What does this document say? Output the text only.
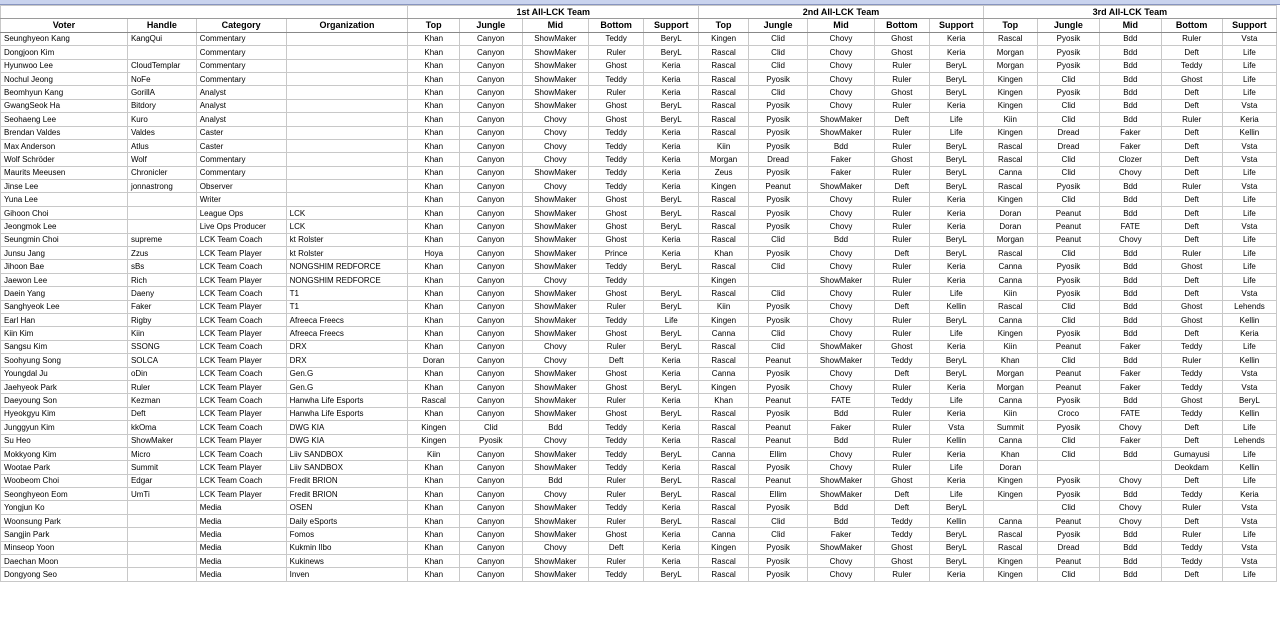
				1st All-LCK Team					2nd All-LCK Team					3rd All-LCK Team				
Voter	Handle	Category	Organization	Top	Jungle	Mid	Bottom	Support	Top	Jungle	Mid	Bottom	Support	Top	Jungle	Mid	Bottom	Support
Seunghyeon Kang	KangQui	Commentary		Khan	Canyon	ShowMaker	Teddy	BeryL	Kingen	Clid	Chovy	Ghost	Keria	Rascal	Pyosik	Bdd	Ruler	Vsta
Dongjoon Kim		Commentary		Khan	Canyon	ShowMaker	Ruler	BeryL	Rascal	Clid	Chovy	Ghost	Keria	Morgan	Pyosik	Bdd	Deft	Life
Hyunwoo Lee	CloudTemplar	Commentary		Khan	Canyon	ShowMaker	Ghost	Keria	Rascal	Clid	Chovy	Ruler	BeryL	Morgan	Pyosik	Bdd	Teddy	Life
Nochul Jeong	NoFe	Commentary		Khan	Canyon	ShowMaker	Teddy	Keria	Rascal	Pyosik	Chovy	Ruler	BeryL	Kingen	Clid	Bdd	Ghost	Life
Beomhyun Kang	GorillA	Analyst		Khan	Canyon	ShowMaker	Ruler	Keria	Rascal	Clid	Chovy	Ghost	BeryL	Kingen	Pyosik	Bdd	Deft	Life
GwangSeok Ha	Bitdory	Analyst		Khan	Canyon	ShowMaker	Ghost	BeryL	Rascal	Pyosik	Chovy	Ruler	Keria	Kingen	Clid	Bdd	Deft	Vsta
Seohaeng Lee	Kuro	Analyst		Khan	Canyon	Chovy	Ghost	BeryL	Rascal	Pyosik	ShowMaker	Deft	Life	Kiin	Clid	Bdd	Ruler	Keria
Brendan Valdes	Valdes	Caster		Khan	Canyon	Chovy	Teddy	Keria	Rascal	Pyosik	ShowMaker	Ruler	Life	Kingen	Dread	Faker	Deft	Kellin
Max Anderson	Atlus	Caster		Khan	Canyon	Chovy	Teddy	Keria	Kiin	Pyosik	Bdd	Ruler	BeryL	Rascal	Dread	Faker	Deft	Vsta
Wolf Schröder	Wolf	Commentary		Khan	Canyon	Chovy	Teddy	Keria	Morgan	Dread	Faker	Ghost	BeryL	Rascal	Clid	Clozer	Deft	Vsta
Maurits Meeusen	Chronicler	Commentary		Khan	Canyon	ShowMaker	Teddy	Keria	Zeus	Pyosik	Faker	Ruler	BeryL	Canna	Clid	Chovy	Deft	Life
Jinse Lee	jonnastrong	Observer		Khan	Canyon	Chovy	Teddy	Keria	Kingen	Peanut	ShowMaker	Deft	BeryL	Rascal	Pyosik	Bdd	Ruler	Vsta
Yuna Lee		Writer		Khan	Canyon	ShowMaker	Ghost	BeryL	Rascal	Pyosik	Chovy	Ruler	Keria	Kingen	Clid	Bdd	Deft	Life
Gihoon Choi		League Ops	LCK	Khan	Canyon	ShowMaker	Ghost	BeryL	Rascal	Pyosik	Chovy	Ruler	Keria	Doran	Peanut	Bdd	Deft	Life
Jeongmok Lee		Live Ops Producer	LCK	Khan	Canyon	ShowMaker	Ghost	BeryL	Rascal	Pyosik	Chovy	Ruler	Keria	Doran	Peanut	FATE	Deft	Vsta
Seungmin Choi	supreme	LCK Team Coach	kt Rolster	Khan	Canyon	ShowMaker	Ghost	Keria	Rascal	Clid	Bdd	Ruler	BeryL	Morgan	Peanut	Chovy	Deft	Life
Junsu Jang	Zzus	LCK Team Player	kt Rolster	Hoya	Canyon	ShowMaker	Prince	Keria	Khan	Pyosik	Chovy	Deft	BeryL	Rascal	Clid	Bdd	Ruler	Life
Jihoon Bae	sBs	LCK Team Coach	NONGSHIM REDFORCE	Khan	Canyon	ShowMaker	Teddy	BeryL	Rascal	Clid	Chovy	Ruler	Keria	Canna	Pyosik	Bdd	Ghost	Life
Jaewon Lee	Rich	LCK Team Player	NONGSHIM REDFORCE	Khan	Canyon	Chovy	Teddy		Kingen		ShowMaker	Ruler	Keria	Canna	Pyosik	Bdd	Deft	Life
Daein Yang	Daeny	LCK Team Coach	T1	Khan	Canyon	ShowMaker	Ghost	BeryL	Rascal	Clid	Chovy	Ruler	Life	Kiin	Pyosik	Bdd	Deft	Vsta
Sanghyeok Lee	Faker	LCK Team Player	T1	Khan	Canyon	ShowMaker	Ruler	BeryL	Kiin	Pyosik	Chovy	Deft	Kellin	Rascal	Clid	Bdd	Ghost	Lehends
Earl Han	Rigby	LCK Team Coach	Afreeca Freecs	Khan	Canyon	ShowMaker	Teddy	Life	Kingen	Pyosik	Chovy	Ruler	BeryL	Canna	Clid	Bdd	Ghost	Kellin
Kiin Kim	Kiin	LCK Team Player	Afreeca Freecs	Khan	Canyon	ShowMaker	Ghost	BeryL	Canna	Clid	Chovy	Ruler	Life	Kingen	Pyosik	Bdd	Deft	Keria
Sangsu Kim	SSONG	LCK Team Coach	DRX	Khan	Canyon	Chovy	Ruler	BeryL	Rascal	Clid	ShowMaker	Ghost	Keria	Kiin	Peanut	Faker	Teddy	Life
Soohyung Song	SOLCA	LCK Team Player	DRX	Doran	Canyon	Chovy	Deft	Keria	Rascal	Peanut	ShowMaker	Teddy	BeryL	Khan	Clid	Bdd	Ruler	Kellin
Youngdal Ju	oDin	LCK Team Coach	Gen.G	Khan	Canyon	ShowMaker	Ghost	Keria	Canna	Pyosik	Chovy	Deft	BeryL	Morgan	Peanut	Faker	Teddy	Vsta
Jaehyeok Park	Ruler	LCK Team Player	Gen.G	Khan	Canyon	ShowMaker	Ghost	BeryL	Kingen	Pyosik	Chovy	Ruler	Keria	Morgan	Peanut	Faker	Teddy	Vsta
Daeyoung Son	Kezman	LCK Team Coach	Hanwha Life Esports	Rascal	Canyon	ShowMaker	Ruler	Keria	Khan	Peanut	FATE	Teddy	Life	Canna	Pyosik	Bdd	Ghost	BeryL
Hyeokgyu Kim	Deft	LCK Team Player	Hanwha Life Esports	Khan	Canyon	ShowMaker	Ghost	BeryL	Rascal	Pyosik	Bdd	Ruler	Keria	Kiin	Croco	FATE	Teddy	Kellin
Junggyun Kim	kkOma	LCK Team Coach	DWG KIA	Kingen	Clid	Bdd	Teddy	Keria	Rascal	Peanut	Faker	Ruler	Vsta	Summit	Pyosik	Chovy	Deft	Life
Su Heo	ShowMaker	LCK Team Player	DWG KIA	Kingen	Pyosik	Chovy	Teddy	Keria	Rascal	Peanut	Bdd	Ruler	Kellin	Canna	Clid	Faker	Deft	Lehends
Mokkyong Kim	Micro	LCK Team Coach	Liiv SANDBOX	Kiin	Canyon	ShowMaker	Teddy	BeryL	Canna	Ellim	Chovy	Ruler	Keria	Khan	Clid	Bdd	Gumayusi	Life
Wootae Park	Summit	LCK Team Player	Liiv SANDBOX	Khan	Canyon	ShowMaker	Teddy	Keria	Rascal	Pyosik	Chovy	Ruler	Life	Doran			Deokdam	Kellin
Woobeom Choi	Edgar	LCK Team Coach	Fredit BRION	Khan	Canyon	Bdd	Ruler	BeryL	Rascal	Peanut	ShowMaker	Ghost	Keria	Kingen	Pyosik	Chovy	Deft	Life
Seonghyeon Eom	UmTi	LCK Team Player	Fredit BRION	Khan	Canyon	Chovy	Ruler	BeryL	Rascal	Ellim	ShowMaker	Deft	Life	Kingen	Pyosik	Bdd	Teddy	Keria
Yongjun Ko		Media	OSEN	Khan	Canyon	ShowMaker	Teddy	Keria	Rascal	Pyosik	Bdd	Deft	BeryL		Clid	Chovy	Ruler	Vsta
Woonsung Park		Media	Daily eSports	Khan	Canyon	ShowMaker	Ruler	BeryL	Rascal	Clid	Bdd	Teddy	Kellin	Canna	Peanut	Chovy	Deft	Vsta
Sangjin Park		Media	Fomos	Khan	Canyon	ShowMaker	Ghost	Keria	Canna	Clid	Faker	Teddy	BeryL	Rascal	Pyosik	Bdd	Ruler	Life
Minseop Yoon		Media	Kukmin Ilbo	Khan	Canyon	Chovy	Deft	Keria	Kingen	Pyosik	ShowMaker	Ghost	BeryL	Rascal	Dread	Bdd	Teddy	Vsta
Daechan Moon		Media	Kukinews	Khan	Canyon	ShowMaker	Ruler	Keria	Rascal	Pyosik	Chovy	Ghost	BeryL	Kingen	Peanut	Bdd	Teddy	Vsta
Dongyong Seo		Media	Inven	Khan	Canyon	ShowMaker	Teddy	BeryL	Rascal	Pyosik	Chovy	Ruler	Keria	Kingen	Clid	Bdd	Deft	Life
